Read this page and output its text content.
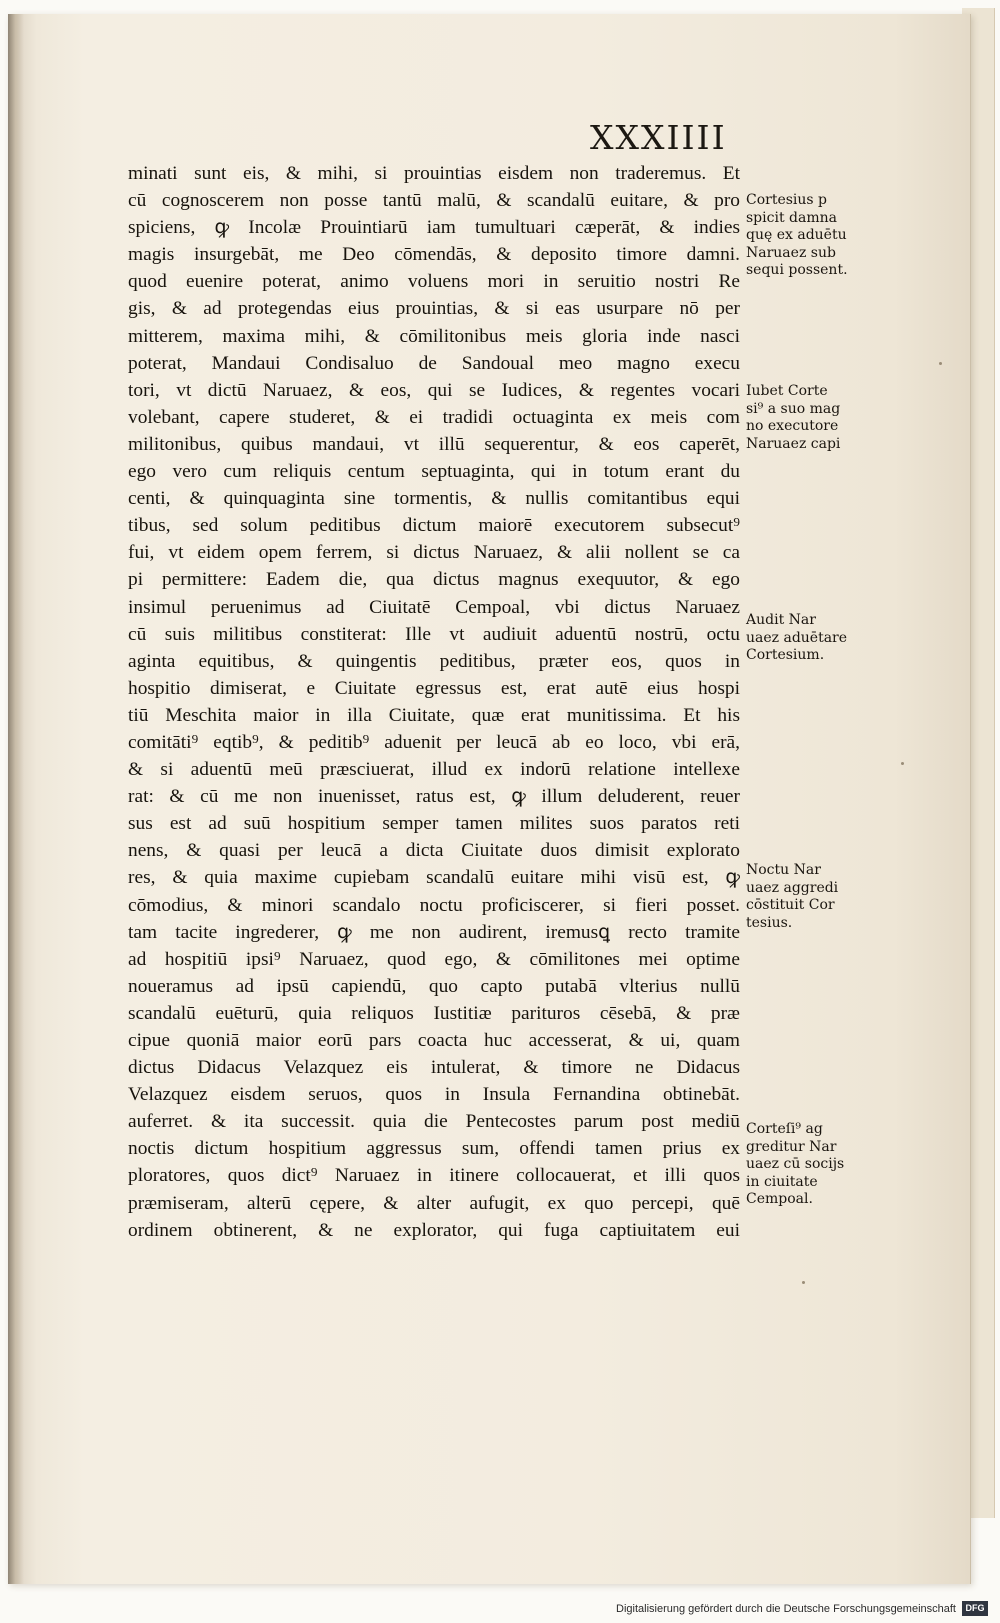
XXXIIII
minati sunt eis, & mihi, si prouintias eisdem non traderemus. Et
cū cognoscerem non posse tantū malū, & scandalū euitare, & pro
spiciens, ꝙ Incolæ Prouintiarū iam tumultuari cæperāt, & indies
magis insurgebāt, me Deo cōmendās, & deposito timore damni.
quod euenire poterat, animo voluens mori in seruitio nostri Re
gis, & ad protegendas eius prouintias, & si eas usurpare nō per
mitterem, maxima mihi, & cōmilitonibus meis gloria inde nasci
poterat, Mandaui Condisaluo de Sandoual meo magno execu
tori, vt dictū Naruaez, & eos, qui se Iudices, & regentes vocari
volebant, capere studeret, & ei tradidi octuaginta ex meis com
militonibus, quibus mandaui, vt illū sequerentur, & eos caperēt,
ego vero cum reliquis centum septuaginta, qui in totum erant du
centi, & quinquaginta sine tormentis, & nullis comitantibus equi
tibus, sed solum peditibus dictum maiorē executorem subsecut⁹
fui, vt eidem opem ferrem, si dictus Naruaez, & alii nollent se ca
pi permittere: Eadem die, qua dictus magnus exequutor, & ego
insimul peruenimus ad Ciuitatē Cempoal, vbi dictus Naruaez
cū suis militibus constiterat: Ille vt audiuit aduentū nostrū, octu
aginta equitibus, & quingentis peditibus, præter eos, quos in
hospitio dimiserat, e Ciuitate egressus est, erat autē eius hospi
tiū Meschita maior in illa Ciuitate, quæ erat munitissima. Et his
comitāti⁹ eqtib⁹, & peditib⁹ aduenit per leucā ab eo loco, vbi erā,
& si aduentū meū præsciuerat, illud ex indorū relatione intellexe
rat: & cū me non inuenisset, ratus est, ꝙ illum deluderent, reuer
sus est ad suū hospitium semper tamen milites suos paratos reti
nens, & quasi per leucā a dicta Ciuitate duos dimisit explorato
res, & quia maxime cupiebam scandalū euitare mihi visū est, ꝙ
cōmodius, & minori scandalo noctu proficiscerer, si fieri posset.
tam tacite ingrederer, ꝙ me non audirent, iremusꝗ recto tramite
ad hospitiū ipsi⁹ Naruaez, quod ego, & cōmilitones mei optime
noueramus ad ipsū capiendū, quo capto putabā vlterius nullū
scandalū euēturū, quia reliquos Iustitiæ parituros cēsebā, & præ
cipue quoniā maior eorū pars coacta huc accesserat, & ui, quam
dictus Didacus Velazquez eis intulerat, & timore ne Didacus
Velazquez eisdem seruos, quos in Insula Fernandina obtinebāt.
auferret. & ita successit. quia die Pentecostes parum post mediū
noctis dictum hospitium aggressus sum, offendi tamen prius ex
ploratores, quos dict⁹ Naruaez in itinere collocauerat, et illi quos
præmiseram, alterū cępere, & alter aufugit, ex quo percepi, quē
ordinem obtinerent, & ne explorator, qui fuga captiuitatem eui
Cortesius p
spicit damna
quę ex aduētu
Naruaez sub
sequi possent.
Iubet Corte
si⁹ a suo mag
no executore
Naruaez capi
Audit Nar
uaez aduētare
Cortesium.
Noctu Nar
uaez aggredi
cōstituit Cor
tesius.
Corteſi⁹ ag
greditur Nar
uaez cū socijs
in ciuitate
Cempoal.
Digitalisierung gefördert durch die Deutsche Forschungsgemeinschaft	DFG
